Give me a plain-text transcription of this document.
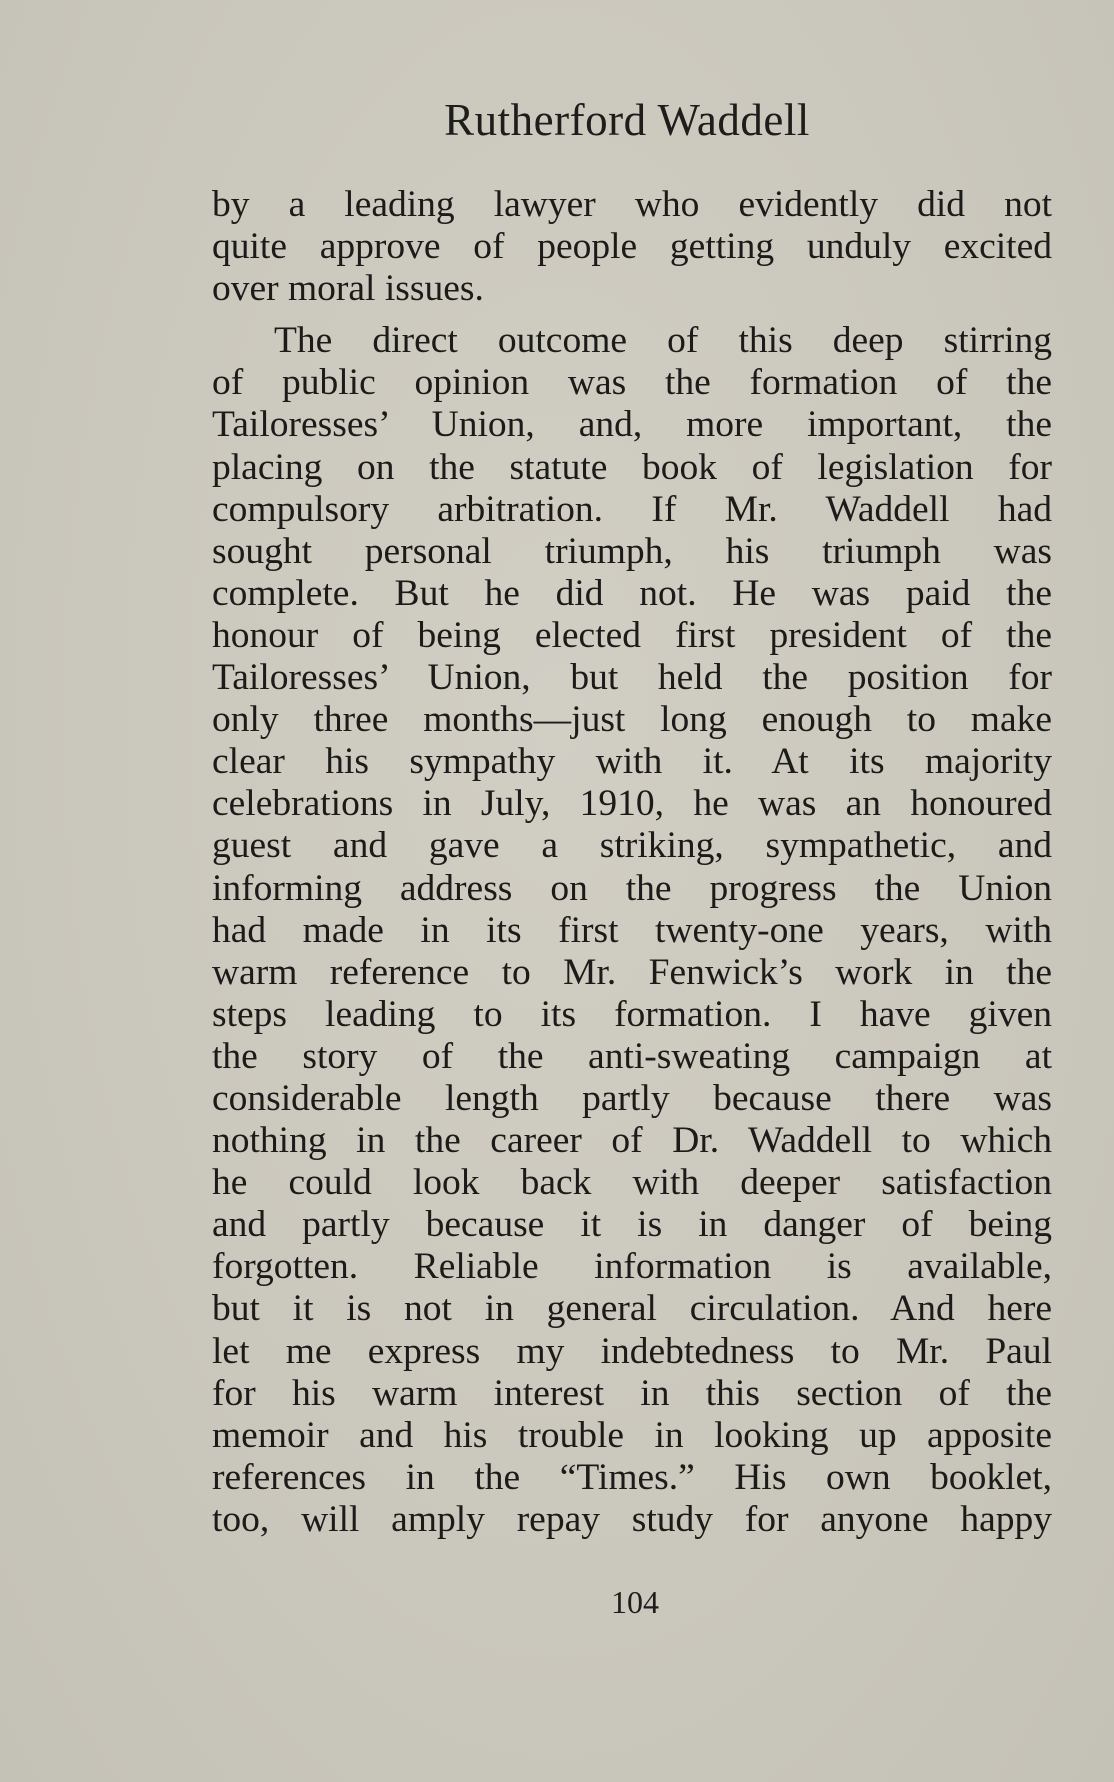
Rutherford Waddell
by a leading lawyer who evidently did not
quite approve of people getting unduly excited
over moral issues.
The direct outcome of this deep stirring
of public opinion was the formation of the
Tailoresses’ Union, and, more important, the
placing on the statute book of legislation for
compulsory arbitration. If Mr. Waddell had
sought personal triumph, his triumph was
complete. But he did not. He was paid the
honour of being elected first president of the
Tailoresses’ Union, but held the position for
only three months—just long enough to make
clear his sympathy with it. At its majority
celebrations in July, 1910, he was an honoured
guest and gave a striking, sympathetic, and
informing address on the progress the Union
had made in its first twenty-one years, with
warm reference to Mr. Fenwick’s work in the
steps leading to its formation. I have given
the story of the anti-sweating campaign at
considerable length partly because there was
nothing in the career of Dr. Waddell to which
he could look back with deeper satisfaction
and partly because it is in danger of being
forgotten. Reliable information is available,
but it is not in general circulation. And here
let me express my indebtedness to Mr. Paul
for his warm interest in this section of the
memoir and his trouble in looking up apposite
references in the “Times.” His own booklet,
too, will amply repay study for anyone happy
104
